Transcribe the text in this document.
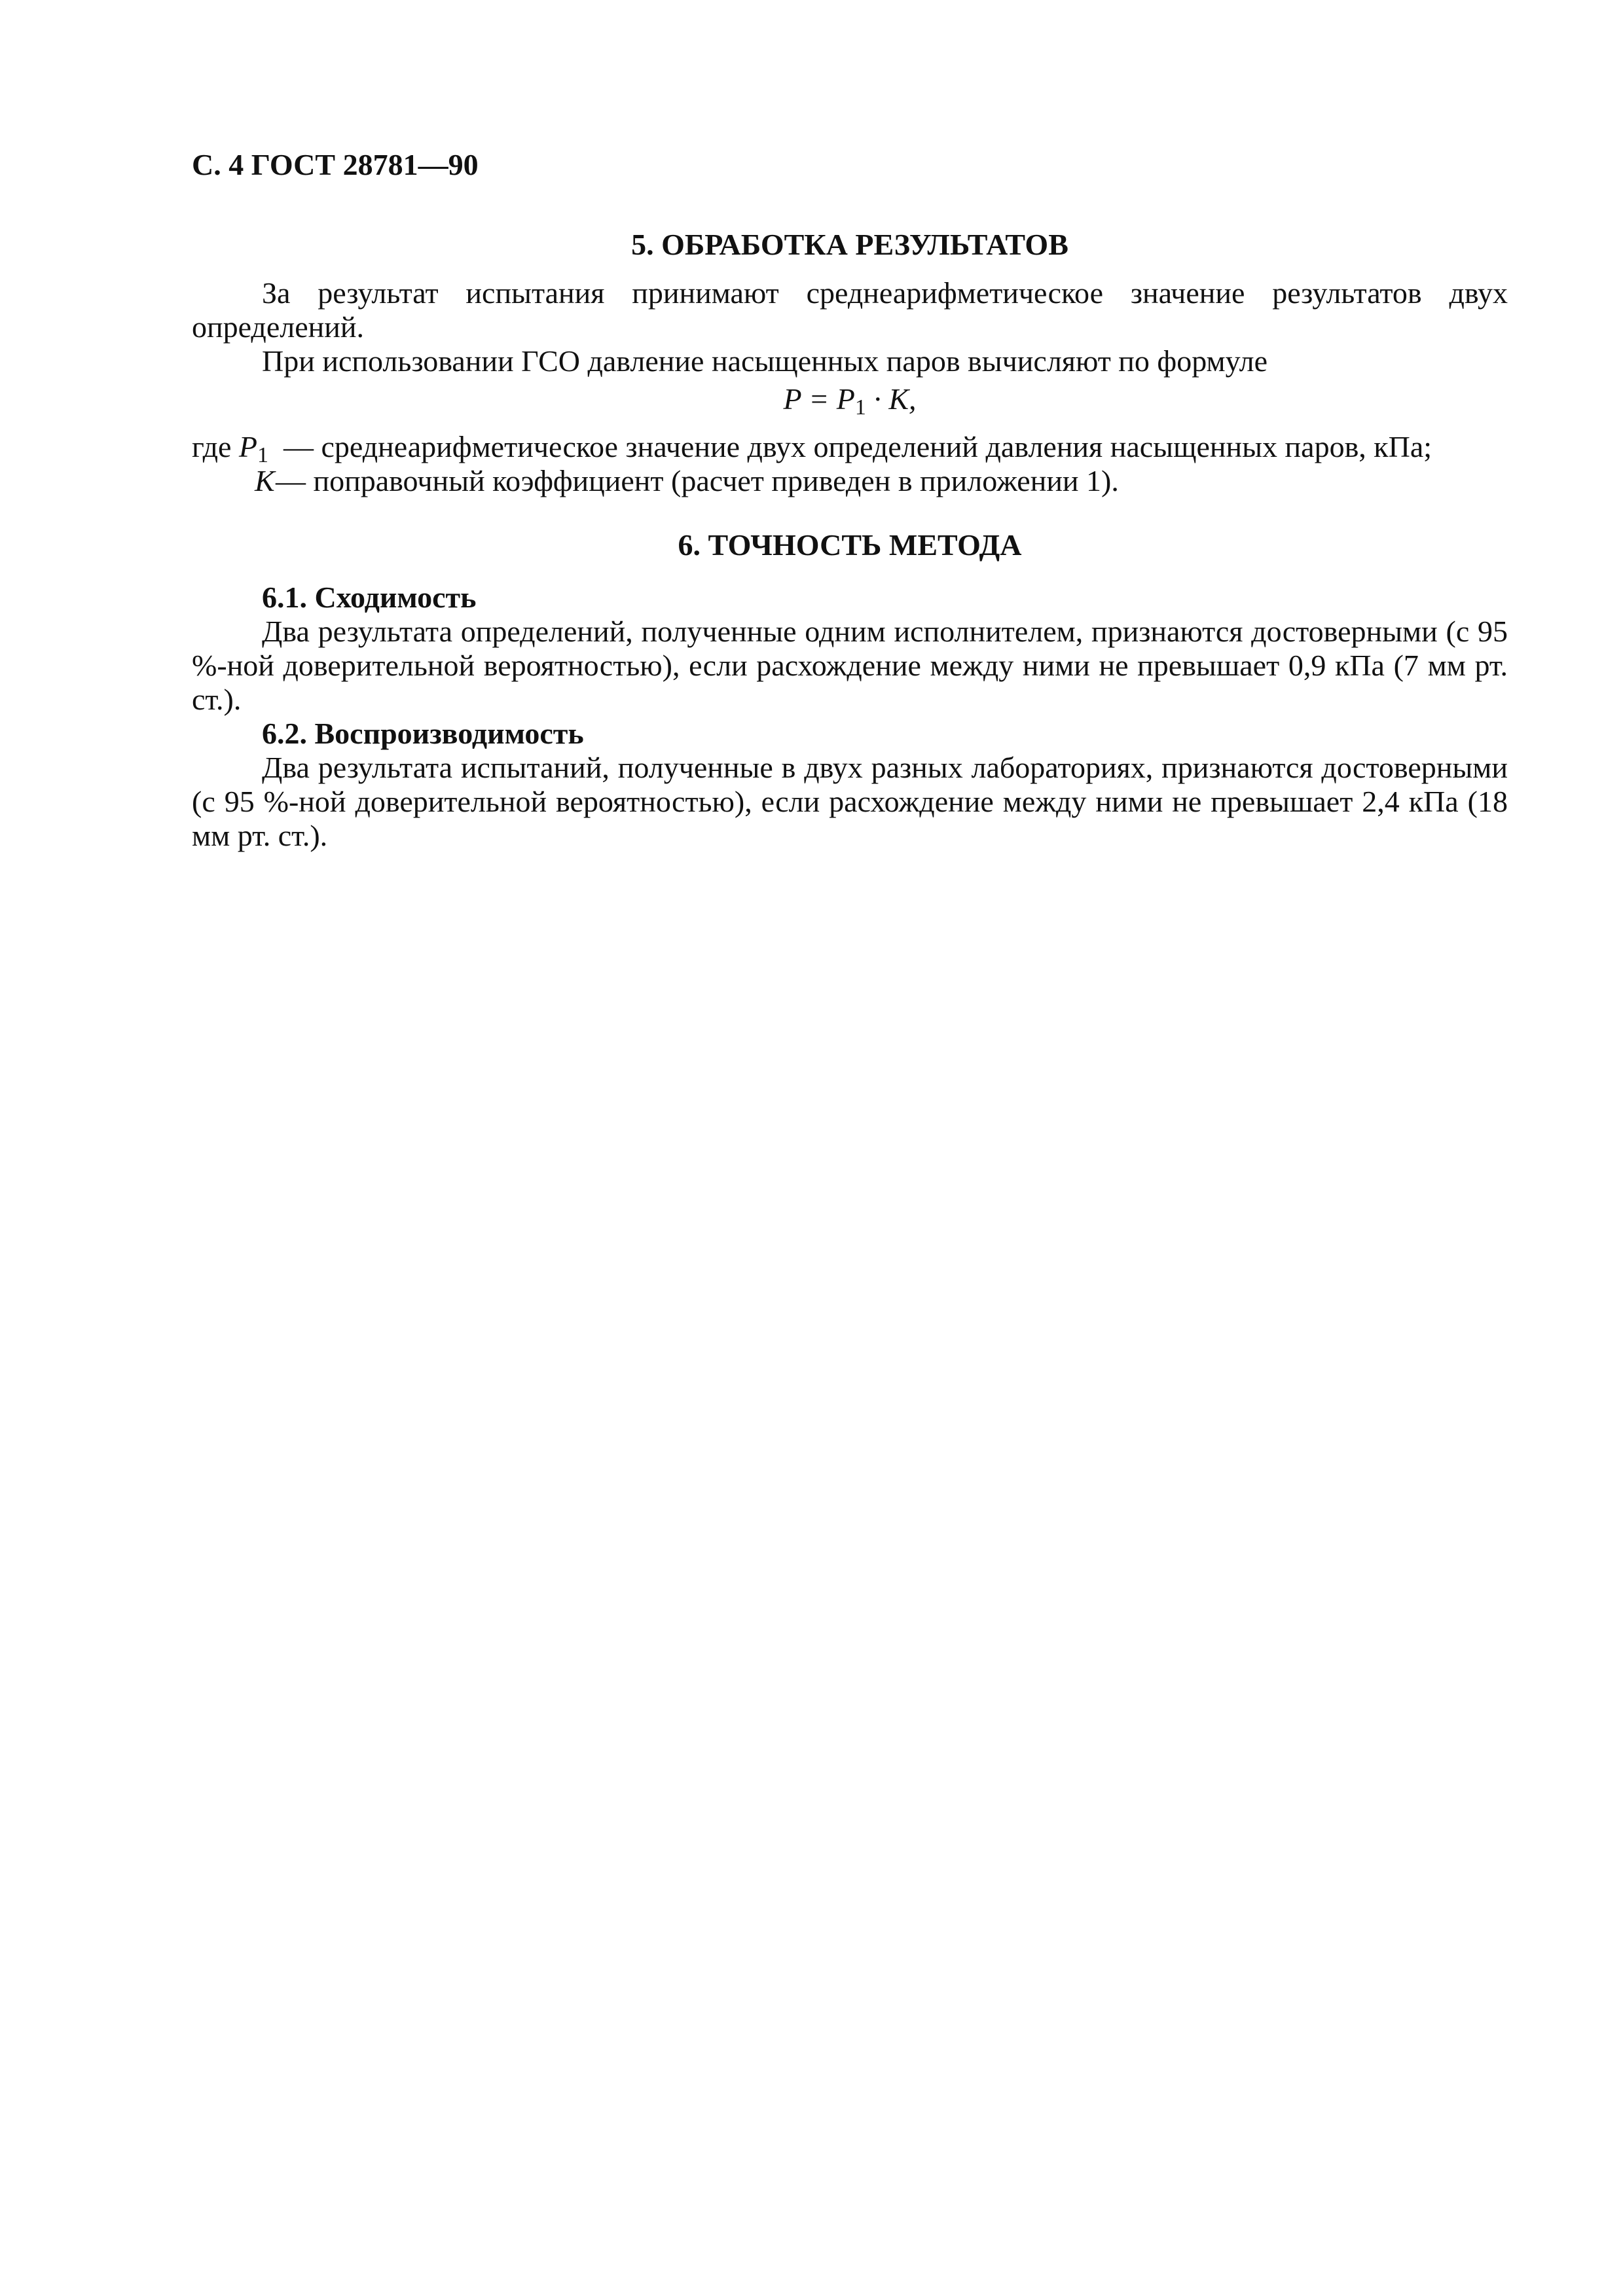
С. 4 ГОСТ 28781—90
5. ОБРАБОТКА РЕЗУЛЬТАТОВ

За результат испытания принимают среднеарифметическое значение результатов двух определений.

При использовании ГСО давление насыщенных паров вычисляют по формуле

$P = P_1 \cdot K$,
где $P_1$ — среднеарифметическое значение двух определений давления насыщенных паров, кПа;
K — поправочный коэффициент (расчет приведен в приложении 1).
6. ТОЧНОСТЬ МЕТОДА
6.1. Сходимость

Два результата определений, полученные одним исполнителем, признаются достоверными (с 95 %-ной доверительной вероятностью), если расхождение между ними не превышает 0,9 кПа (7 мм рт. ст.).

6.2. Воспроизводимость

Два результата испытаний, полученные в двух разных лабораториях, признаются достоверными (с 95 %-ной доверительной вероятностью), если расхождение между ними не превышает 2,4 кПа (18 мм рт. ст.).
